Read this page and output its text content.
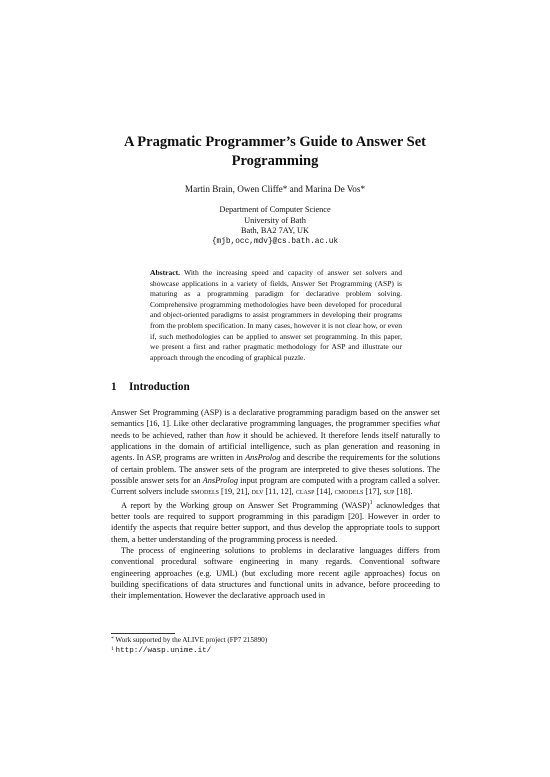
A Pragmatic Programmer’s Guide to Answer Set Programming
Martin Brain, Owen Cliffe* and Marina De Vos*
Department of Computer Science
University of Bath
Bath, BA2 7AY, UK
{mjb,occ,mdv}@cs.bath.ac.uk
Abstract. With the increasing speed and capacity of answer set solvers and showcase applications in a variety of fields, Answer Set Programming (ASP) is maturing as a programming paradigm for declarative problem solving. Comprehensive programming methodologies have been developed for procedural and object-oriented paradigms to assist programmers in developing their programs from the problem specification. In many cases, however it is not clear how, or even if, such methodologies can be applied to answer set programming. In this paper, we present a first and rather pragmatic methodology for ASP and illustrate our approach through the encoding of graphical puzzle.
1 Introduction

Answer Set Programming (ASP) is a declarative programming paradigm based on the answer set semantics [16, 1]. Like other declarative programming languages, the programmer specifies what needs to be achieved, rather than how it should be achieved. It therefore lends itself naturally to applications in the domain of artificial intelligence, such as plan generation and reasoning in agents. In ASP, programs are written in AnsProlog and describe the requirements for the solutions of certain problem. The answer sets of the program are interpreted to give theses solutions. The possible answer sets for an AnsProlog input program are computed with a program called a solver. Current solvers include smodels [19, 21], dlv [11, 12], clasp [14], cmodels [17], sup [18].

A report by the Working group on Answer Set Programming (WASP)$^1$ acknowledges that better tools are required to support programming in this paradigm [20]. However in order to identify the aspects that require better support, and thus develop the appropriate tools to support them, a better understanding of the programming process is needed.

The process of engineering solutions to problems in declarative languages differs from conventional procedural software engineering in many regards. Conventional software engineering approaches (e.g. UML) (but excluding more recent agile approaches) focus on building specifications of data structures and functional units in advance, before proceeding to their implementation. However the declarative approach used in

* Work supported by the ALIVE project (FP7 215890)
$^1$ http://wasp.unime.it/
